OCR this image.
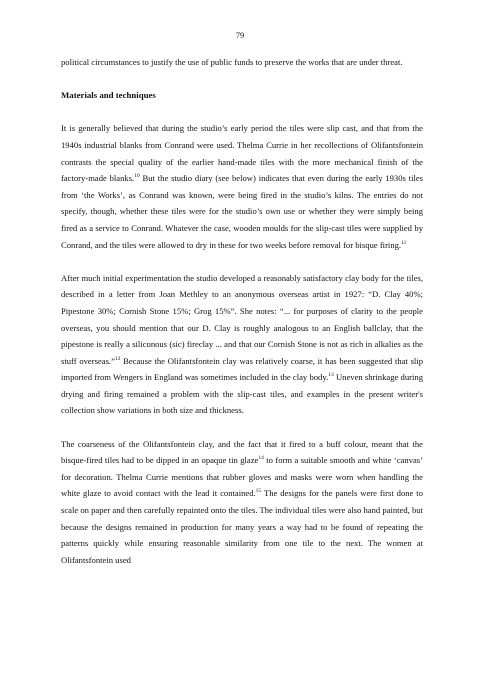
79

political circumstances to justify the use of public funds to preserve the works that are under threat.

Materials and techniques

It is generally believed that during the studio’s early period the tiles were slip cast, and that from the 1940s industrial blanks from Conrand were used. Thelma Currie in her recollections of Olifantsfontein contrasts the special quality of the earlier hand-made tiles with the more mechanical finish of the factory-made blanks.$^{10}$ But the studio diary (see below) indicates that even during the early 1930s tiles from ‘the Works’, as Conrand was known, were being fired in the studio’s kilns. The entries do not specify, though, whether these tiles were for the studio’s own use or whether they were simply being fired as a service to Conrand. Whatever the case, wooden moulds for the slip-cast tiles were supplied by Conrand, and the tiles were allowed to dry in these for two weeks before removal for bisque firing.$^{11}$

After much initial experimentation the studio developed a reasonably satisfactory clay body for the tiles, described in a letter from Joan Methley to an anonymous overseas artist in 1927: “D. Clay 40%; Pipestone 30%; Cornish Stone 15%; Grog 15%”. She notes: “... for purposes of clarity to the people overseas, you should mention that our D. Clay is roughly analogous to an English ballclay, that the pipestone is really a siliconous (sic) fireclay ... and that our Cornish Stone is not as rich in alkalies as the stuff overseas.”$^{12}$ Because the Olifantsfontein clay was relatively coarse, it has been suggested that slip imported from Wengers in England was sometimes included in the clay body.$^{13}$ Uneven shrinkage during drying and firing remained a problem with the slip-cast tiles, and examples in the present writer's collection show variations in both size and thickness.

The coarseness of the Olifantsfontein clay, and the fact that it fired to a buff colour, meant that the bisque-fired tiles had to be dipped in an opaque tin glaze$^{14}$ to form a suitable smooth and white ‘canvas’ for decoration. Thelma Currie mentions that rubber gloves and masks were worn when handling the white glaze to avoid contact with the lead it contained.$^{15}$ The designs for the panels were first done to scale on paper and then carefully repainted onto the tiles. The individual tiles were also hand painted, but because the designs remained in production for many years a way had to be found of repeating the patterns quickly while ensuring reasonable similarity from one tile to the next. The women at Olifantsfontein used
